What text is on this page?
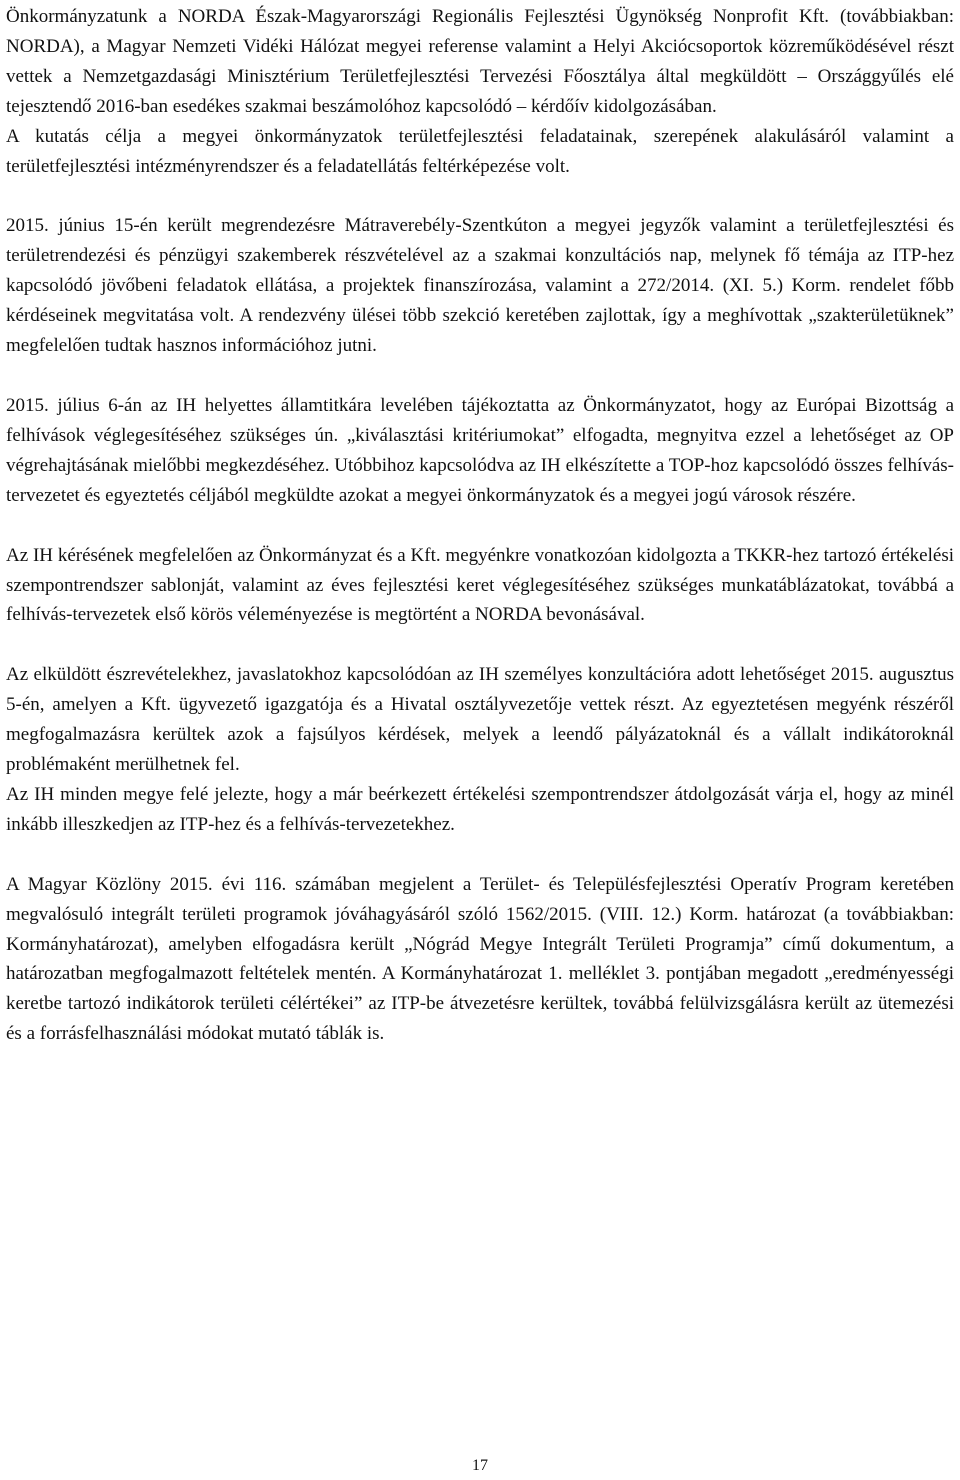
Önkormányzatunk a NORDA Észak-Magyarországi Regionális Fejlesztési Ügynökség Nonprofit Kft. (továbbiakban: NORDA), a Magyar Nemzeti Vidéki Hálózat megyei referense valamint a Helyi Akciócsoportok közreműködésével részt vettek a Nemzetgazdasági Minisztérium Területfejlesztési Tervezési Főosztálya által megküldött – Országgyűlés elé tejesztendő 2016-ban esedékes szakmai beszámolóhoz kapcsolódó – kérdőív kidolgozásában.

A kutatás célja a megyei önkormányzatok területfejlesztési feladatainak, szerepének alakulásáról valamint a területfejlesztési intézményrendszer és a feladatellátás feltérképezése volt.

2015. június 15-én került megrendezésre Mátraverebély-Szentkúton a megyei jegyzők valamint a területfejlesztési és területrendezési és pénzügyi szakemberek részvételével az a szakmai konzultációs nap, melynek fő témája az ITP-hez kapcsolódó jövőbeni feladatok ellátása, a projektek finanszírozása, valamint a 272/2014. (XI. 5.) Korm. rendelet főbb kérdéseinek megvitatása volt. A rendezvény ülései több szekció keretében zajlottak, így a meghívottak „szakterületüknek” megfelelően tudtak hasznos információhoz jutni.

2015. július 6-án az IH helyettes államtitkára levelében tájékoztatta az Önkormányzatot, hogy az Európai Bizottság a felhívások véglegesítéséhez szükséges ún. „kiválasztási kritériumokat” elfogadta, megnyitva ezzel a lehetőséget az OP végrehajtásának mielőbbi megkezdéséhez. Utóbbihoz kapcsolódva az IH elkészítette a TOP-hoz kapcsolódó összes felhívás-tervezetet és egyeztetés céljából megküldte azokat a megyei önkormányzatok és a megyei jogú városok részére.

Az IH kérésének megfelelően az Önkormányzat és a Kft. megyénkre vonatkozóan kidolgozta a TKKR-hez tartozó értékelési szempontrendszer sablonját, valamint az éves fejlesztési keret véglegesítéséhez szükséges munkatáblázatokat, továbbá a felhívás-tervezetek első körös véleményezése is megtörtént a NORDA bevonásával.

Az elküldött észrevételekhez, javaslatokhoz kapcsolódóan az IH személyes konzultációra adott lehetőséget 2015. augusztus 5-én, amelyen a Kft. ügyvezető igazgatója és a Hivatal osztályvezetője vettek részt. Az egyeztetésen megyénk részéről megfogalmazásra kerültek azok a fajsúlyos kérdések, melyek a leendő pályázatoknál és a vállalt indikátoroknál problémaként merülhetnek fel.

Az IH minden megye felé jelezte, hogy a már beérkezett értékelési szempontrendszer átdolgozását várja el, hogy az minél inkább illeszkedjen az ITP-hez és a felhívás-tervezetekhez.

A Magyar Közlöny 2015. évi 116. számában megjelent a Terület- és Településfejlesztési Operatív Program keretében megvalósuló integrált területi programok jóváhagyásáról szóló 1562/2015. (VIII. 12.) Korm. határozat (a továbbiakban: Kormányhatározat), amelyben elfogadásra került „Nógrád Megye Integrált Területi Programja” című dokumentum, a határozatban megfogalmazott feltételek mentén. A Kormányhatározat 1. melléklet 3. pontjában megadott „eredményességi keretbe tartozó indikátorok területi célértékei” az ITP-be átvezetésre kerültek, továbbá felülvizsgálásra került az ütemezési és a forrásfelhasználási módokat mutató táblák is.

17
